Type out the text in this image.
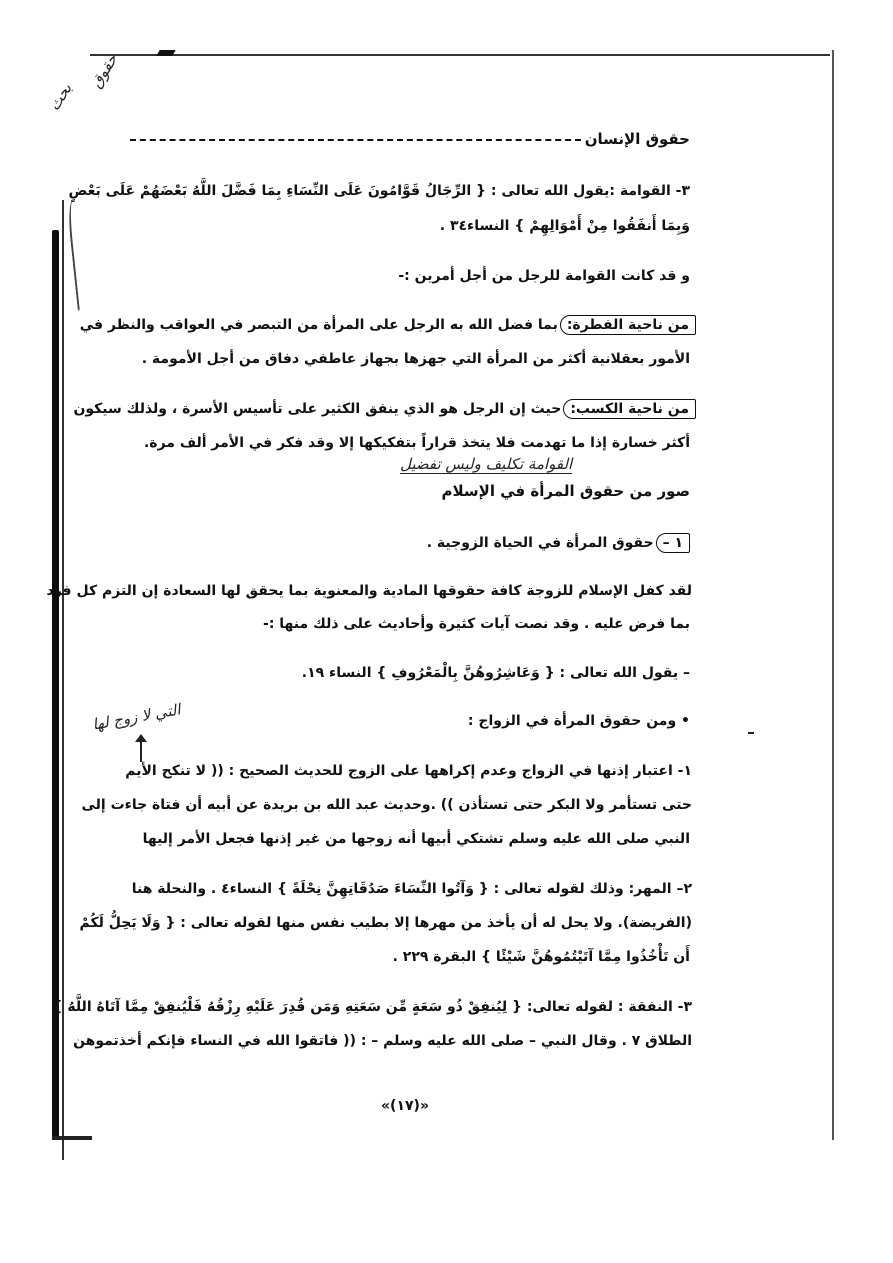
حقوق
بحث
حقوق الإنسان
٣- القوامة :يقول الله تعالى : { الرِّجَالُ قَوَّامُونَ عَلَى النِّسَاءِ بِمَا فَضَّلَ اللَّهُ بَعْضَهُمْ عَلَى بَعْضٍ
وَبِمَا أَنفَقُوا مِنْ أَمْوَالِهِمْ } النساء٣٤ .
و قد كانت القوامة للرجل من أجل أمرين :-
من ناحية الفطرة:بما فضل الله به الرجل على المرأة من التبصر في العواقب والنظر في
الأمور بعقلانية أكثر من المرأة التي جهزها بجهاز عاطفي دفاق من أجل الأمومة .
من ناحية الكسب:حيث إن الرجل هو الذي ينفق الكثير على تأسيس الأسرة ، ولذلك سيكون
أكثر خسارة إذا ما تهدمت فلا يتخذ قراراً بتفكيكها إلا وقد فكر في الأمر ألف مرة.
القوامة تكليف وليس تفضيل
صور من حقوق المرأة في الإسلام
١ –حقوق المرأة في الحياة الزوجية .
لقد كفل الإسلام للزوجة كافة حقوقها المادية والمعنوية بما يحقق لها السعادة إن التزم كل فرد
بما فرض عليه . وقد نصت آيات كثيرة وأحاديث على ذلك منها :-
– يقول الله تعالى : { وَعَاشِرُوهُنَّ بِالْمَعْرُوفِ } النساء ١٩.
• ومن حقوق المرأة في الزواج :
التي لا زوج لها
١- اعتبار إذنها في الزواج وعدم إكراهها على الزوج للحديث الصحيح : (( لا تنكح الأيم
حتى تستأمر ولا البكر حتى تستأذن )) .وحديث عبد الله بن بريدة عن أبيه أن فتاة جاءت إلى
النبي صلى الله عليه وسلم تشتكي أبيها أنه زوجها من غير إذنها فجعل الأمر إليها
٢– المهر: وذلك لقوله تعالى : { وَآتُوا النِّسَاءَ صَدُقَاتِهِنَّ نِحْلَةً } النساء٤ . والنحلة هنا
(الفريضة). ولا يحل له أن يأخذ من مهرها إلا بطيب نفس منها لقوله تعالى : { وَلَا يَحِلُّ لَكُمْ
أَن تَأْخُذُوا مِمَّا آتَيْتُمُوهُنَّ شَيْئًا } البقرة ٢٢٩ .
٣- النفقة : لقوله تعالى: { لِيُنفِقْ ذُو سَعَةٍ مِّن سَعَتِهِ وَمَن قُدِرَ عَلَيْهِ رِزْقُهُ فَلْيُنفِقْ مِمَّا آتَاهُ اللَّهُ }
الطلاق ٧ . وقال النبي – صلى الله عليه وسلم – : (( فاتقوا الله في النساء فإنكم أخذتموهن
«(١٧)»
